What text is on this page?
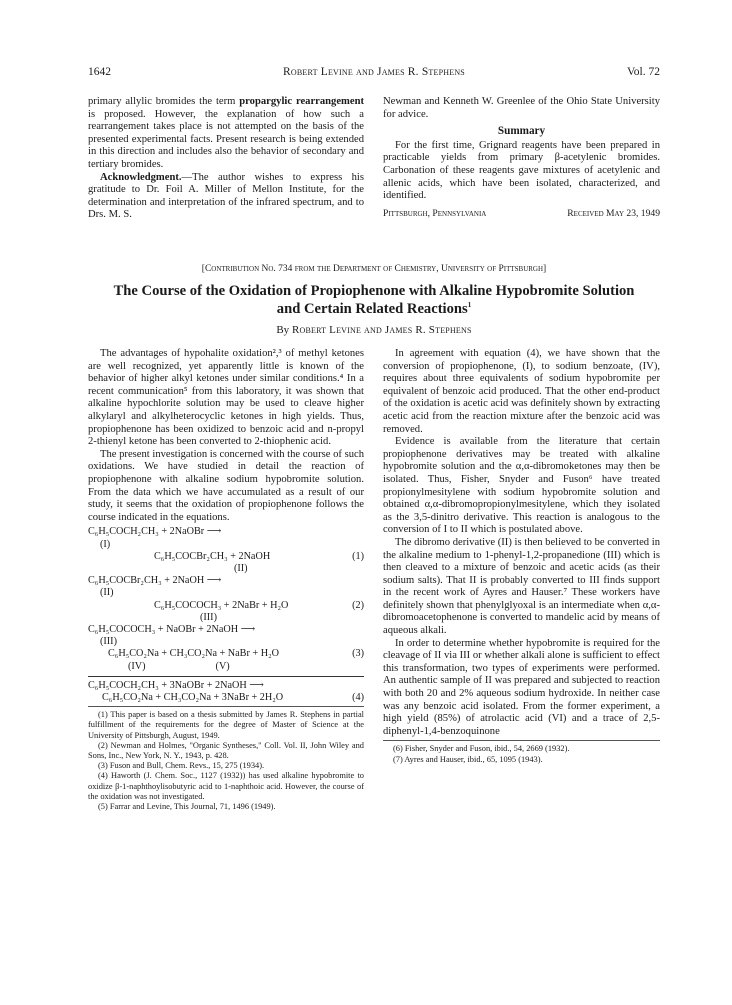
1642	Robert Levine and James R. Stephens	Vol. 72

primary allylic bromides the term propargylic rearrangement is proposed. However, the explanation of how such a rearrangement takes place is not attempted on the basis of the presented experimental facts. Present research is being extended in this direction and includes also the behavior of secondary and tertiary bromides.

Acknowledgment.—The author wishes to express his gratitude to Dr. Foil A. Miller of Mellon Institute, for the determination and interpretation of the infrared spectrum, and to Drs. M. S.

Newman and Kenneth W. Greenlee of the Ohio State University for advice.

Summary

For the first time, Grignard reagents have been prepared in practicable yields from primary β-acetylenic bromides. Carbonation of these reagents gave mixtures of acetylenic and allenic acids, which have been isolated, characterized, and identified.

Pittsburgh, Pennsylvania	Received May 23, 1949
[Contribution No. 734 from the Department of Chemistry, University of Pittsburgh]
The Course of the Oxidation of Propiophenone with Alkaline Hypobromite Solution
and Certain Related Reactions$^1$
By Robert Levine and James R. Stephens

The advantages of hypohalite oxidation²,³ of methyl ketones are well recognized, yet apparently little is known of the behavior of higher alkyl ketones under similar conditions.⁴ In a recent communication⁵ from this laboratory, it was shown that alkaline hypochlorite solution may be used to cleave higher alkylaryl and alkylheterocyclic ketones in high yields. Thus, propiophenone has been oxidized to benzoic acid and n-propyl 2-thienyl ketone has been converted to 2-thiophenic acid.

The present investigation is concerned with the course of such oxidations. We have studied in detail the reaction of propiophenone with alkaline sodium hypobromite solution. From the data which we have accumulated as a result of our study, it seems that the oxidation of propiophenone follows the course indicated in the equations.

C₆H₅COCH₂CH₃ + 2NaOBr ⟶
(I)
C₆H₅COCBr₂CH₃ + 2NaOH	(1)
(II)
C₆H₅COCBr₂CH₃ + 2NaOH ⟶
(II)
C₆H₅COCOCH₃ + 2NaBr + H₂O	(2)
(III)
C₆H₅COCOCH₃ + NaOBr + 2NaOH ⟶
(III)
C₆H₅CO₂Na + CH₃CO₂Na + NaBr + H₂O	(3)
(IV)	(V)
C₆H₅COCH₂CH₃ + 3NaOBr + 2NaOH ⟶
C₆H₅CO₂Na + CH₃CO₂Na + 3NaBr + 2H₂O	(4)

(1) This paper is based on a thesis submitted by James R. Stephens in partial fulfillment of the requirements for the degree of Master of Science at the University of Pittsburgh, August, 1949.

(2) Newman and Holmes, "Organic Syntheses," Coll. Vol. II, John Wiley and Sons, Inc., New York, N. Y., 1943, p. 428.

(3) Fuson and Bull, Chem. Revs., 15, 275 (1934).

(4) Haworth (J. Chem. Soc., 1127 (1932)) has used alkaline hypobromite to oxidize β-1-naphthoylisobutyric acid to 1-naphthoic acid. However, the course of the oxidation was not investigated.

(5) Farrar and Levine, This Journal, 71, 1496 (1949).

In agreement with equation (4), we have shown that the conversion of propiophenone, (I), to sodium benzoate, (IV), requires about three equivalents of sodium hypobromite per equivalent of benzoic acid produced. That the other end-product of the oxidation is acetic acid was definitely shown by extracting acetic acid from the reaction mixture after the benzoic acid was removed.

Evidence is available from the literature that certain propiophenone derivatives may be treated with alkaline hypobromite solution and the α,α-dibromoketones may then be isolated. Thus, Fisher, Snyder and Fuson⁶ have treated propionylmesitylene with sodium hypobromite solution and obtained α,α-dibromopropionylmesitylene, which they isolated as the 3,5-dinitro derivative. This reaction is analogous to the conversion of I to II which is postulated above.

The dibromo derivative (II) is then believed to be converted in the alkaline medium to 1-phenyl-1,2-propanedione (III) which is then cleaved to a mixture of benzoic and acetic acids (as their sodium salts). That II is probably converted to III finds support in the recent work of Ayres and Hauser.⁷ These workers have definitely shown that phenylglyoxal is an intermediate when α,α-dibromoacetophenone is converted to mandelic acid by means of aqueous alkali.

In order to determine whether hypobromite is required for the cleavage of II via III or whether alkali alone is sufficient to effect this transformation, two types of experiments were performed. An authentic sample of II was prepared and subjected to reaction with both 20 and 2% aqueous sodium hydroxide. In neither case was any benzoic acid isolated. From the former experiment, a high yield (85%) of atrolactic acid (VI) and a trace of 2,5-diphenyl-1,4-benzoquinone

(6) Fisher, Snyder and Fuson, ibid., 54, 2669 (1932).

(7) Ayres and Hauser, ibid., 65, 1095 (1943).
